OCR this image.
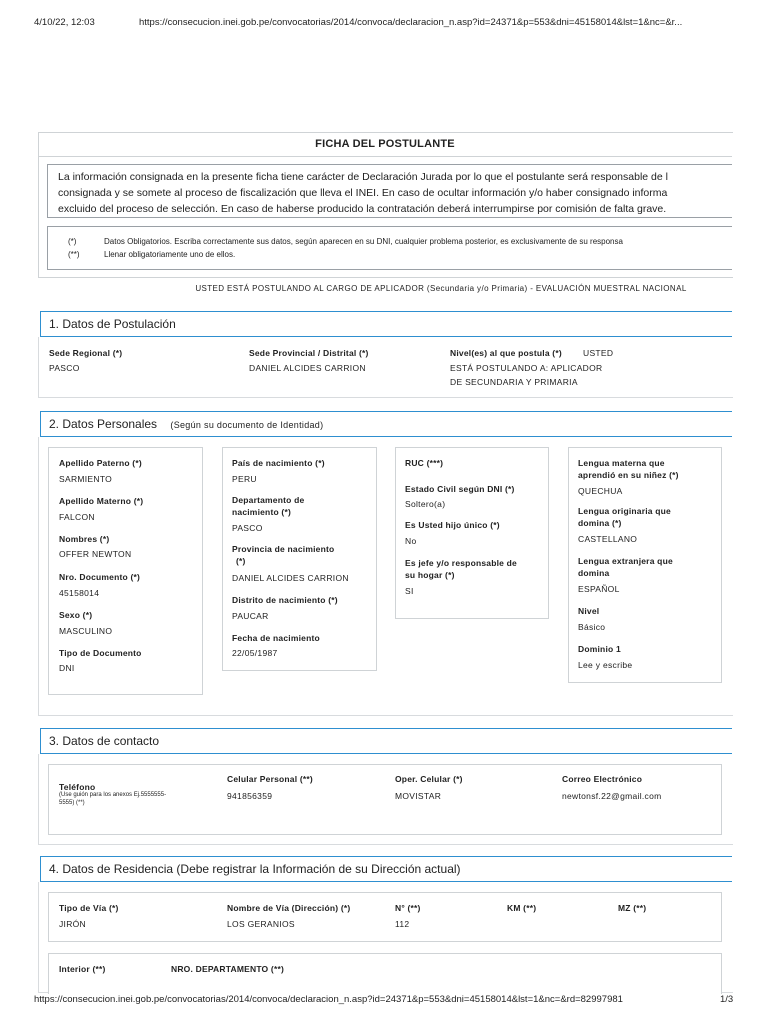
4/10/22, 12:03	https://consecucion.inei.gob.pe/convocatorias/2014/convoca/declaracion_n.asp?id=24371&p=553&dni=45158014&lst=1&nc=&r...
FICHA DEL POSTULANTE
La información consignada en la presente ficha tiene carácter de Declaración Jurada por lo que el postulante será responsable de l
consignada y se somete al proceso de fiscalización que lleva el INEI. En caso de ocultar información y/o haber consignado informa
excluido del proceso de selección. En caso de haberse producido la contratación deberá interrumpirse por comisión de falta grave.
(*)	Datos Obligatorios. Escriba correctamente sus datos, según aparecen en su DNI, cualquier problema posterior, es exclusivamente de su responsa
(**)	Llenar obligatoriamente uno de ellos.
USTED ESTÁ POSTULANDO AL CARGO DE APLICADOR (Secundaria y/o Primaria) - EVALUACIÓN MUESTRAL NACIONAL
1. Datos de Postulación
Sede Regional (*)
PASCO
Sede Provincial / Distrital (*)
DANIEL ALCIDES CARRION
Nivel(es) al que postula (*) USTED
ESTÁ POSTULANDO A: APLICADOR
DE SECUNDARIA Y PRIMARIA
2. Datos Personales (Según su documento de Identidad)
Apellido Paterno (*)
SARMIENTO
Apellido Materno (*)
FALCON
Nombres (*)
OFFER NEWTON
Nro. Documento (*)
45158014
Sexo (*)
MASCULINO
Tipo de Documento
DNI
País de nacimiento (*)
PERU
Departamento de
nacimiento (*)
PASCO
Provincia de nacimiento
(*)
DANIEL ALCIDES CARRION
Distrito de nacimiento (*)
PAUCAR
Fecha de nacimiento
22/05/1987
RUC (***)
Estado Civil según DNI (*)
Soltero(a)
Es Usted hijo único (*)
No
Es jefe y/o responsable de
su hogar (*)
SI
Lengua materna que
aprendió en su niñez (*)
QUECHUA
Lengua originaria que
domina (*)
CASTELLANO
Lengua extranjera que
domina
ESPAÑOL
Nivel
Básico
Dominio 1
Lee y escribe
3. Datos de contacto
Teléfono
(Use guión para los anexos Ej.5555555-
5555) (**)
Celular Personal (**)
941856359
Oper. Celular (*)
MOVISTAR
Correo Electrónico
newtonsf.22@gmail.com
4. Datos de Residencia (Debe registrar la Información de su Dirección actual)
Tipo de Vía (*)
JIRÓN
Nombre de Vía (Dirección) (*)
LOS GERANIOS
N° (**)
112
KM (**)	MZ (**)
Interior (**)	NRO. DEPARTAMENTO (**)
https://consecucion.inei.gob.pe/convocatorias/2014/convoca/declaracion_n.asp?id=24371&p=553&dni=45158014&lst=1&nc=&rd=82997981	1/3
